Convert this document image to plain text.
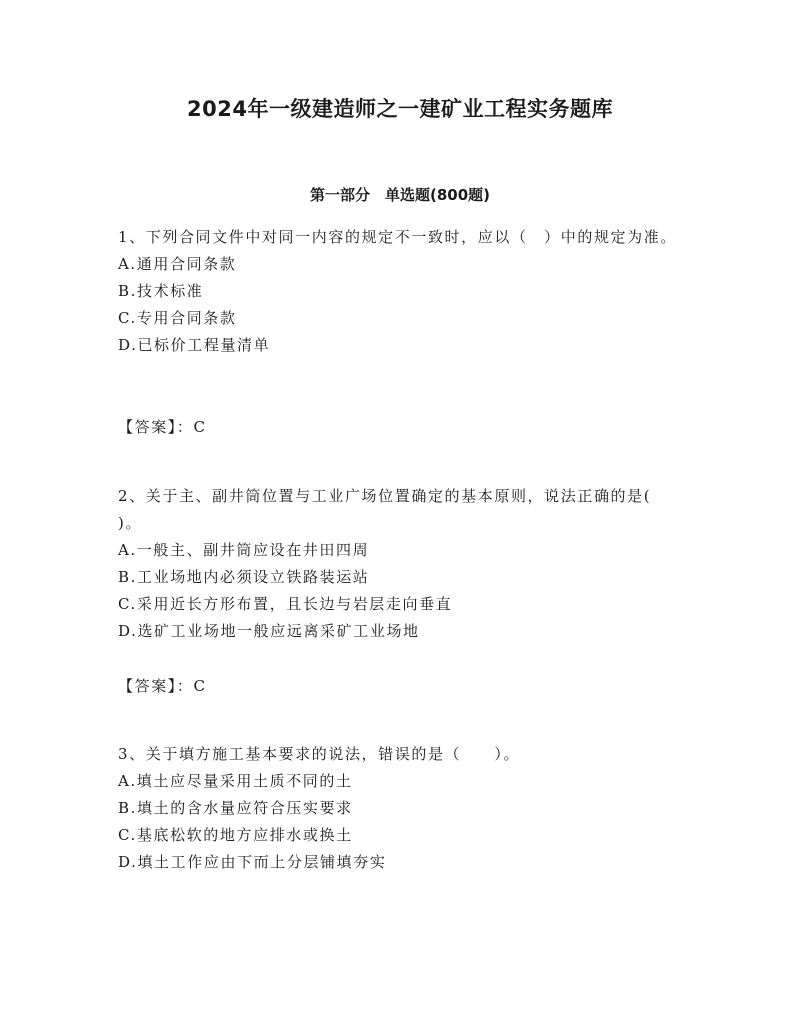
2024年一级建造师之一建矿业工程实务题库
第一部分　单选题(800题)

1、下列合同文件中对同一内容的规定不一致时，应以（　）中的规定为准。

A.通用合同条款

B.技术标准

C.专用合同条款

D.已标价工程量清单

【答案】：C

2、关于主、副井筒位置与工业广场位置确定的基本原则，说法正确的是(　　)。

A.一般主、副井筒应设在井田四周

B.工业场地内必须设立铁路装运站

C.采用近长方形布置，且长边与岩层走向垂直

D.选矿工业场地一般应远离采矿工业场地

【答案】：C

3、关于填方施工基本要求的说法，错误的是（　　）。

A.填土应尽量采用土质不同的土

B.填土的含水量应符合压实要求

C.基底松软的地方应排水或换土

D.填土工作应由下而上分层铺填夯实
